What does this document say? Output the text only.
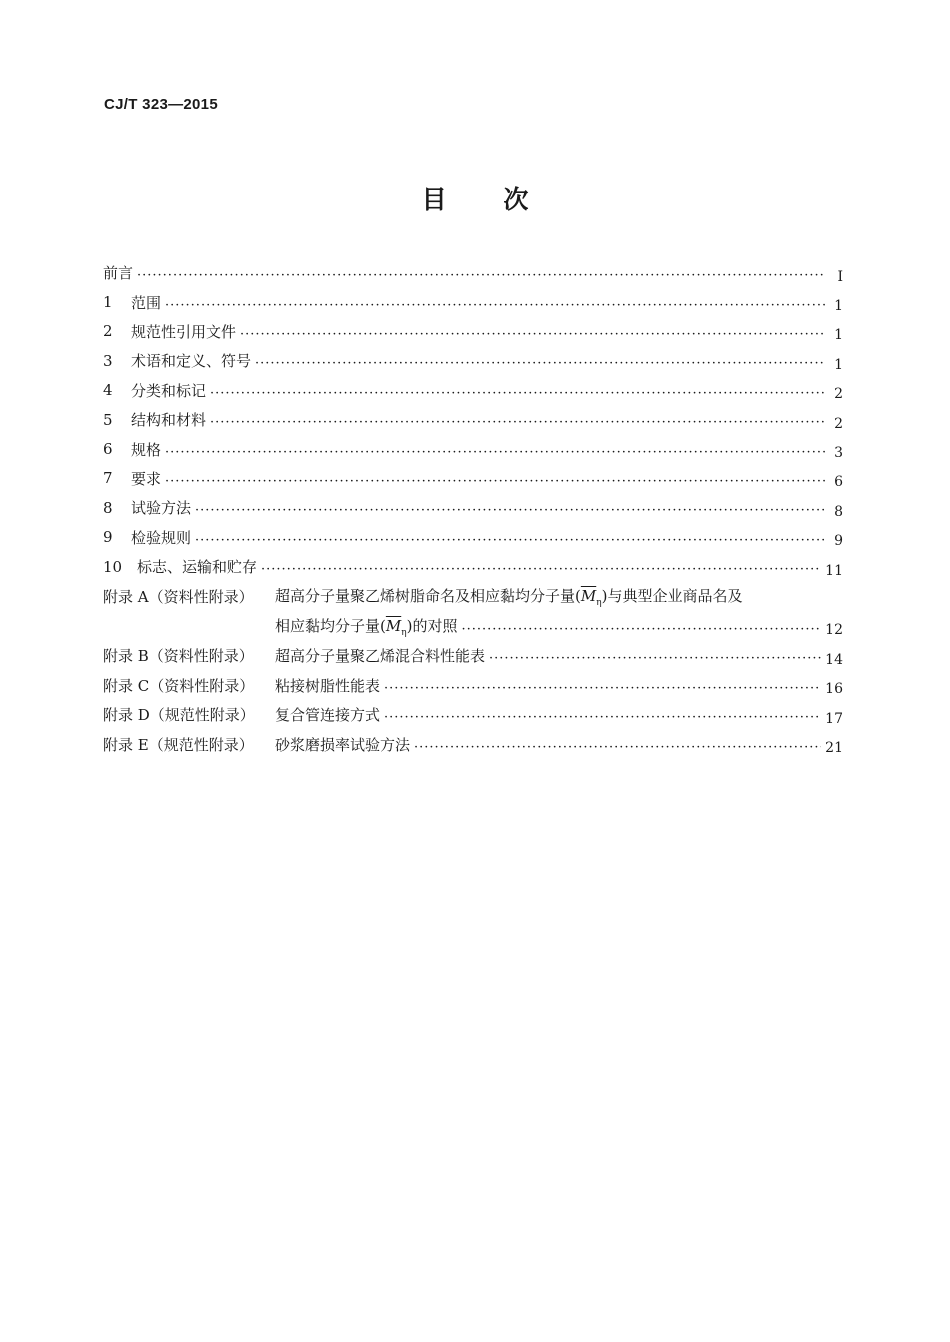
CJ/T 323—2015
目 次
前言 ·····	I
1	范围 ·····	1
2	规范性引用文件 ·····	1
3	术语和定义、符号 ·····	1
4	分类和标记 ·····	2
5	结构和材料 ·····	2
6	规格 ·····	3
7	要求 ·····	6
8	试验方法 ·····	8
9	检验规则 ·····	9
10 标志、运输和贮存 ·····	11
附录 A（资料性附录）	超高分子量聚乙烯树脂命名及相应黏均分子量$(\overline{M}_\eta)$与典型企业商品名及
相应黏均分子量$(\overline{M}_\eta)$的对照 ·····	12
附录 B（资料性附录）	超高分子量聚乙烯混合料性能表 ·····	14
附录 C（资料性附录）	粘接树脂性能表 ·····	16
附录 D（规范性附录）	复合管连接方式 ·····	17
附录 E（规范性附录）	砂浆磨损率试验方法 ·····	21
